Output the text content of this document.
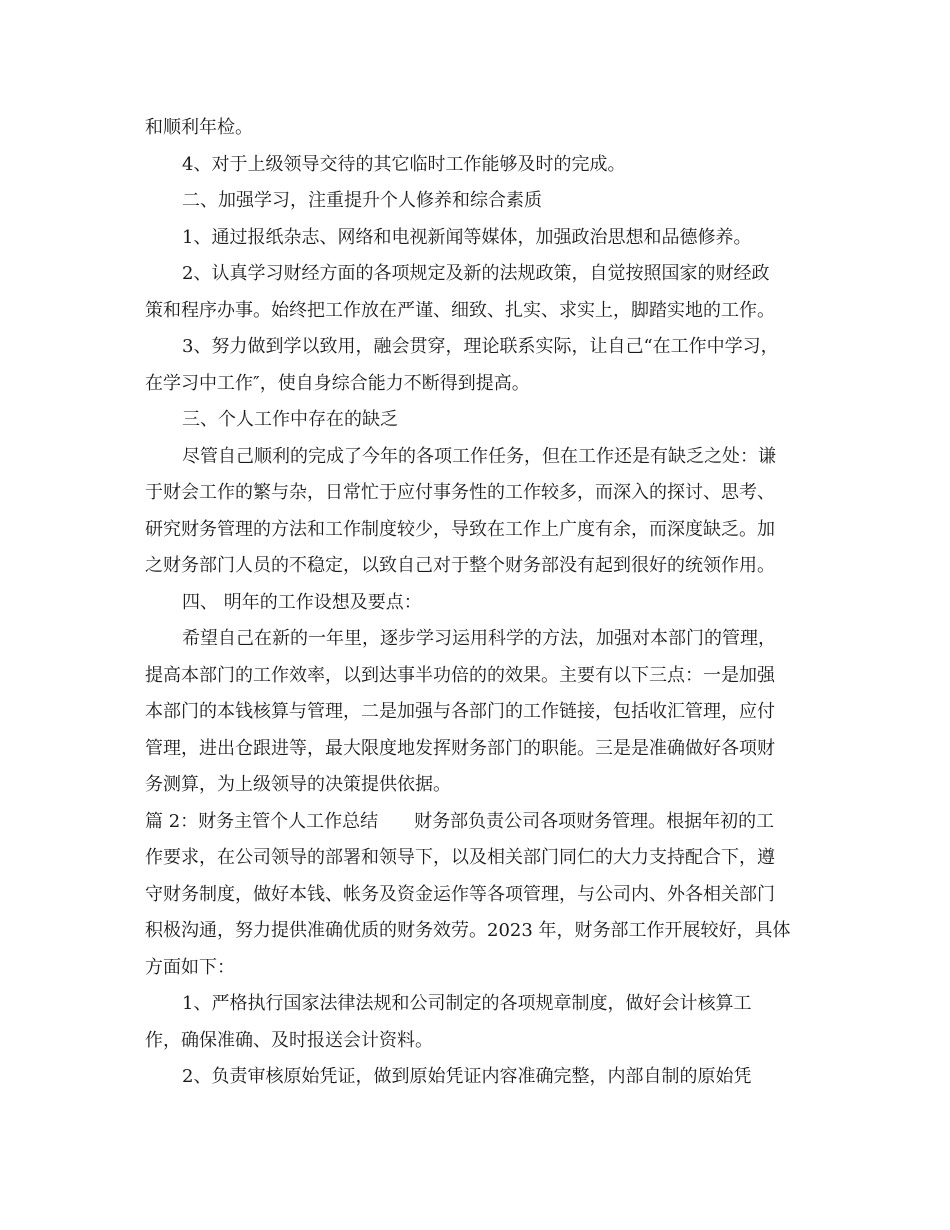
和顺利年检。
4、对于上级领导交待的其它临时工作能够及时的完成。
二、加强学习，注重提升个人修养和综合素质
1、通过报纸杂志、网络和电视新闻等媒体，加强政治思想和品德修养。
2、认真学习财经方面的各项规定及新的法规政策，自觉按照国家的财经政
策和程序办事。始终把工作放在严谨、细致、扎实、求实上，脚踏实地的工作。
3、努力做到学以致用，融会贯穿，理论联系实际，让自己“在工作中学习，
在学习中工作″，使自身综合能力不断得到提高。
三、个人工作中存在的缺乏
尽管自己顺利的完成了今年的各项工作任务，但在工作还是有缺乏之处：谦
于财会工作的繁与杂，日常忙于应付事务性的工作较多，而深入的探讨、思考、
研究财务管理的方法和工作制度较少，导致在工作上广度有余，而深度缺乏。加
之财务部门人员的不稳定，以致自己对于整个财务部没有起到很好的统领作用。
四、 明年的工作设想及要点：
希望自己在新的一年里，逐步学习运用科学的方法，加强对本部门的管理，
提高本部门的工作效率，以到达事半功倍的的效果。主要有以下三点：一是加强
本部门的本钱核算与管理，二是加强与各部门的工作链接，包括收汇管理，应付
管理，进出仓跟进等，最大限度地发挥财务部门的职能。三是是准确做好各项财
务测算，为上级领导的决策提供依据。
篇 2：财务主管个人工作总结　　财务部负责公司各项财务管理。根据年初的工
作要求，在公司领导的部署和领导下，以及相关部门同仁的大力支持配合下，遵
守财务制度，做好本钱、帐务及资金运作等各项管理，与公司内、外各相关部门
积极沟通，努力提供准确优质的财务效劳。2023 年，财务部工作开展较好，具体
方面如下：
1、严格执行国家法律法规和公司制定的各项规章制度，做好会计核算工
作，确保准确、及时报送会计资料。
2、负责审核原始凭证，做到原始凭证内容准确完整，内部自制的原始凭
